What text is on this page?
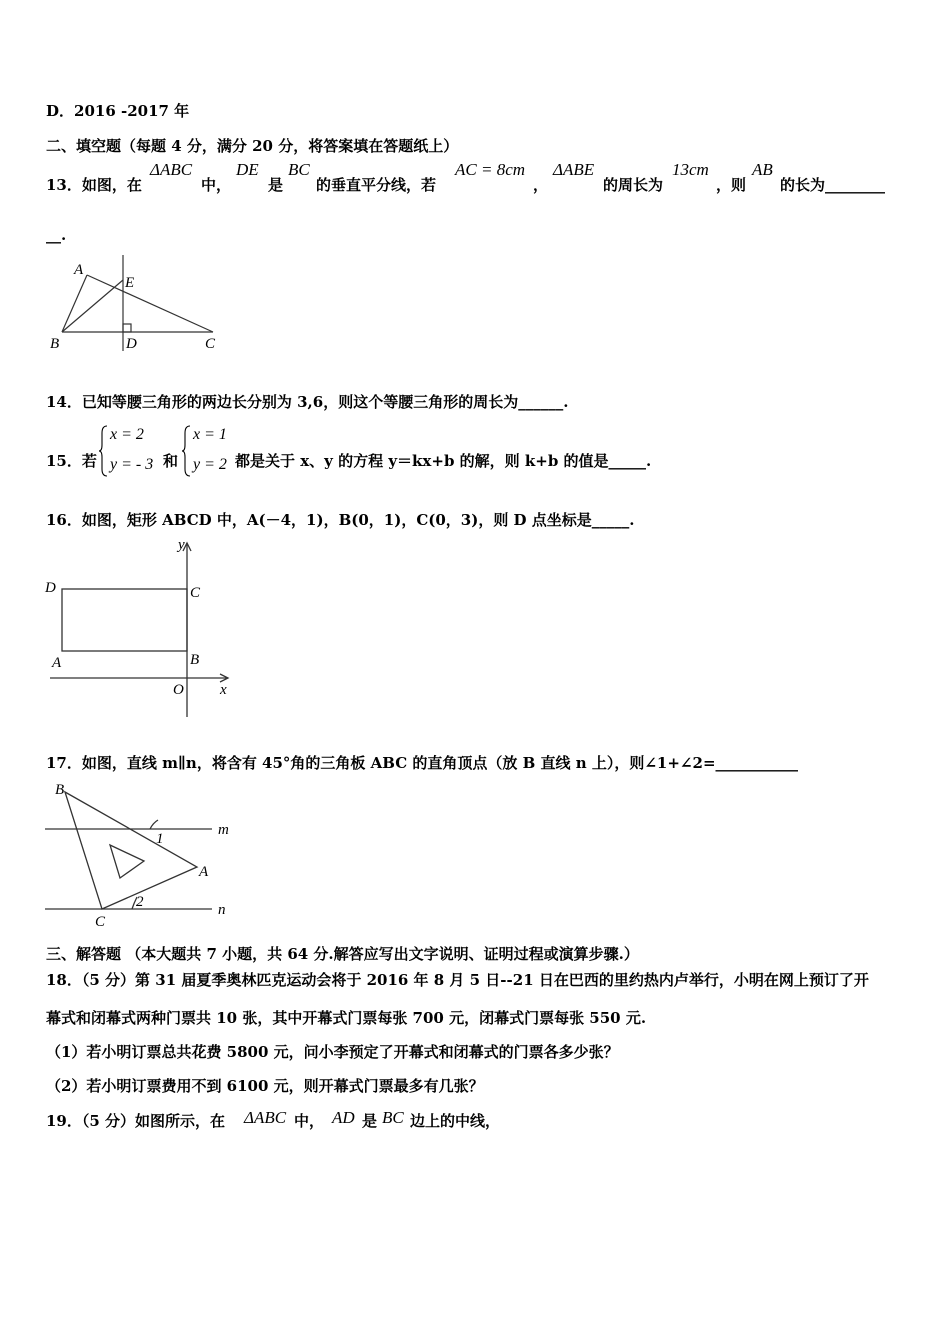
D．2016 -2017 年
二、填空题（每题 4 分，满分 20 分，将答案填在答题纸上）
13．如图，在
ΔABC
中，
DE
是
BC
的垂直平分线，若
AC = 8cm
，
ΔABE
的周长为
13cm
，则
AB
的长为________
__.
A
E
B	D	C
14．已知等腰三角形的两边长分别为 3,6，则这个等腰三角形的周长为______.
15．若
x = 2
y = - 3 和
x = 1
y = 2 都是关于 x、y 的方程 y＝kx+b 的解，则 k+b 的值是_____.
16．如图，矩形 ABCD 中，A(－4，1)，B(0，1)，C(0，3)，则 D 点坐标是_____.
y
D	C
A	B
O x
17．如图，直线 m∥n，将含有 45°角的三角板 ABC 的直角顶点（放 B 直线 n 上），则∠1+∠2=___________
B
1
m
A
C
2	n
三、解答题 （本大题共 7 小题，共 64 分.解答应写出文字说明、证明过程或演算步骤.）
18．（5 分）第 31 届夏季奥林匹克运动会将于 2016 年 8 月 5 日--21 日在巴西的里约热内卢举行，小明在网上预订了开
幕式和闭幕式两种门票共 10 张，其中开幕式门票每张 700 元，闭幕式门票每张 550 元.
（1）若小明订票总共花费 5800 元，问小李预定了开幕式和闭幕式的门票各多少张？
（2）若小明订票费用不到 6100 元，则开幕式门票最多有几张？
19．（5 分）如图所示，在 ΔABC 中， AD 是 BC 边上的中线，
